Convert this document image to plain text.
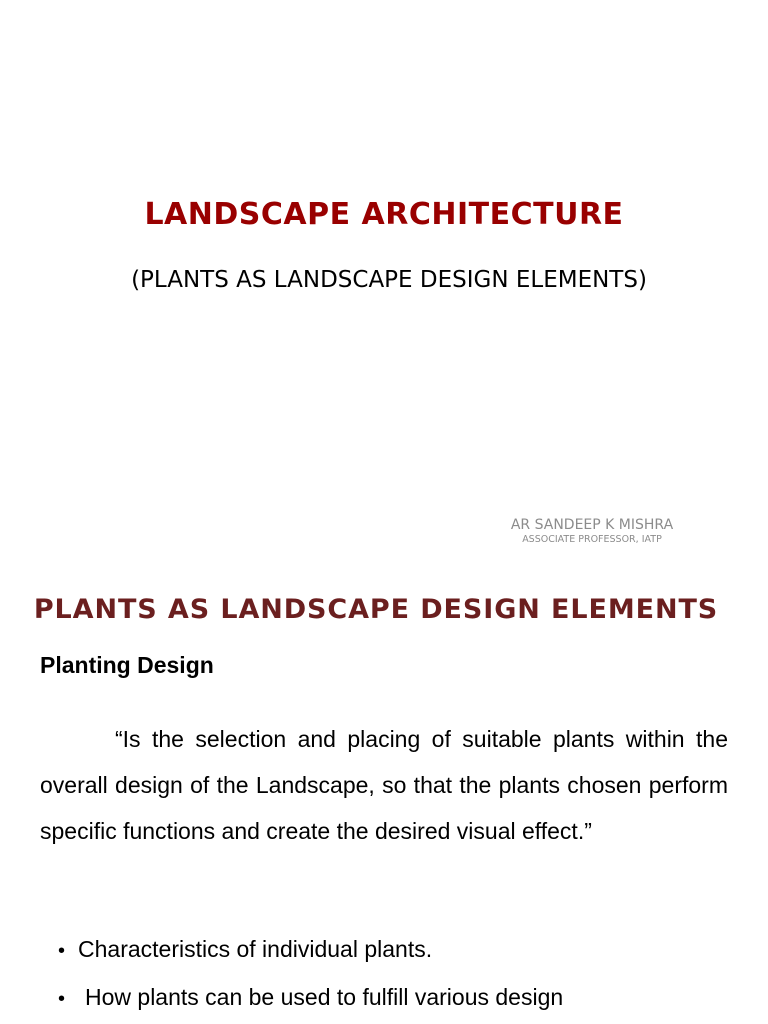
LANDSCAPE ARCHITECTURE

(PLANTS AS LANDSCAPE DESIGN ELEMENTS)

AR SANDEEP K MISHRA
ASSOCIATE PROFESSOR, IATP
PLANTS AS LANDSCAPE DESIGN ELEMENTS
Planting Design

“Is the selection and placing of suitable plants within the overall design of the Landscape, so that the plants chosen perform specific functions and create the desired visual effect.”

• Characteristics of individual plants.
• How plants can be used to fulfill various design
